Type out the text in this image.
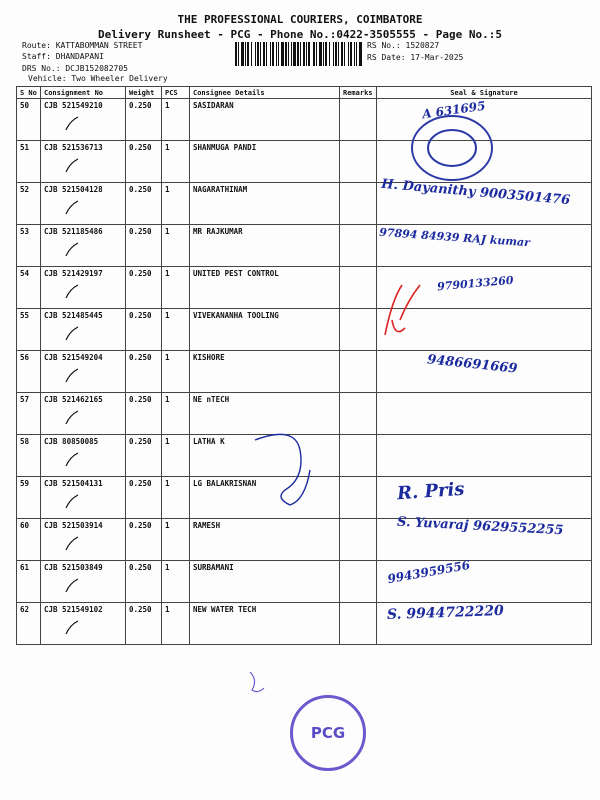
THE PROFESSIONAL COURIERS, COIMBATORE
Delivery Runsheet - PCG - Phone No.:0422-3505555 - Page No.:5
Route: KATTABOMMAN STREET
Staff: DHANDAPANI
DRS No.: DCJB152082705
Vehicle: Two Wheeler Delivery
RS No.: 1520827
RS Date: 17-Mar-2025
S No	Consignment No	Weight	PCS	Consignee Details	Remarks	Seal & Signature
50	CJB 521549210	0.250	1	SASIDARAN		A 631695

51	CJB 521536713	0.250	1	SHANMUGA PANDI		
52	CJB 521504128	0.250	1	NAGARATHINAM		H. Dayanithy 9003501476

53	CJB 521185486	0.250	1	MR RAJKUMAR		97894 84939 RAJ kumar

54	CJB 521429197	0.250	1	UNITED PEST CONTROL		9790133260

55	CJB 521485445	0.250	1	VIVEKANANHA TOOLING		
56	CJB 521549204	0.250	1	KISHORE		9486691669

57	CJB 521462165	0.250	1	NE nTECH		
58	CJB 80850085	0.250	1	LATHA K		
59	CJB 521504131	0.250	1	LG BALAKRISNAN		R. Pris

60	CJB 521503914	0.250	1	RAMESH		S. Yuvaraj 9629552255

61	CJB 521503849	0.250	1	SURBAMANI		9943959556

62	CJB 521549102	0.250	1	NEW WATER TECH		S. 9944722220
PCG
